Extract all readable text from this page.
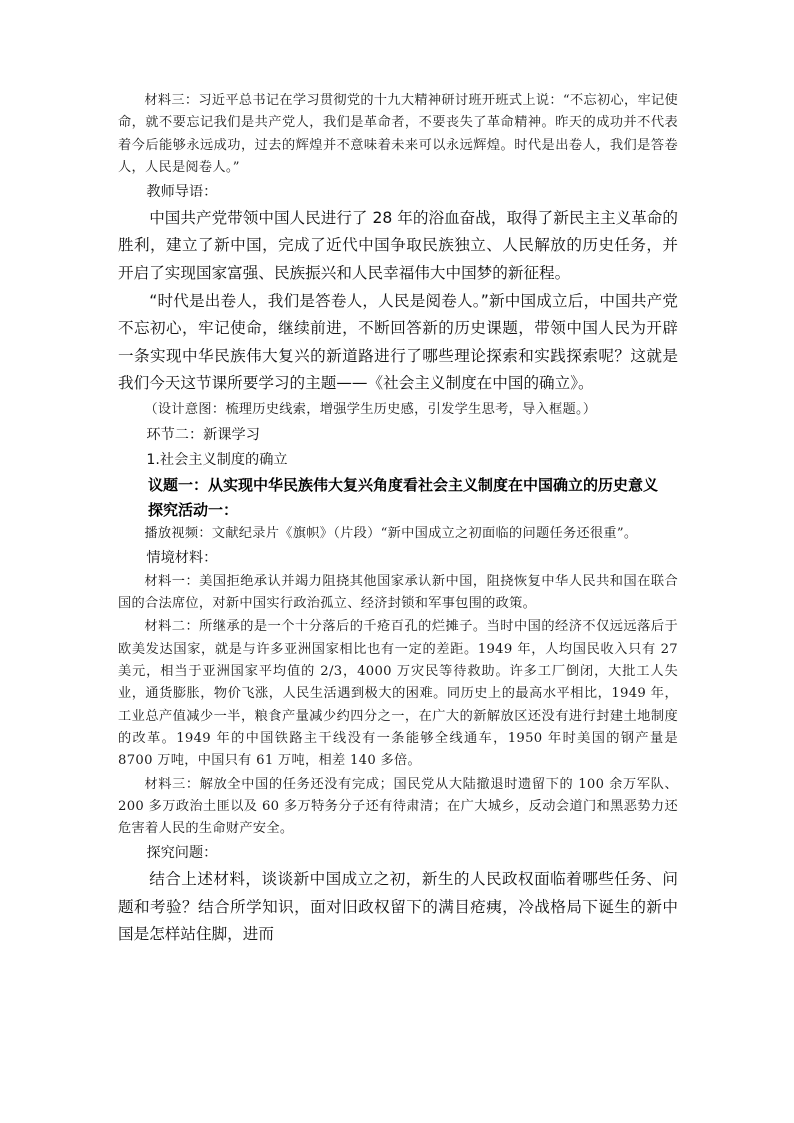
材料三：习近平总书记在学习贯彻党的十九大精神研讨班开班式上说：“不忘初心，牢记使命，就不要忘记我们是共产党人，我们是革命者，不要丧失了革命精神。昨天的成功并不代表着今后能够永远成功，过去的辉煌并不意味着未来可以永远辉煌。时代是出卷人，我们是答卷人，人民是阅卷人。”

教师导语：

中国共产党带领中国人民进行了 28 年的浴血奋战，取得了新民主主义革命的胜利，建立了新中国，完成了近代中国争取民族独立、人民解放的历史任务，并开启了实现国家富强、民族振兴和人民幸福伟大中国梦的新征程。

“时代是出卷人，我们是答卷人，人民是阅卷人。”新中国成立后，中国共产党不忘初心，牢记使命，继续前进，不断回答新的历史课题，带领中国人民为开辟一条实现中华民族伟大复兴的新道路进行了哪些理论探索和实践探索呢？这就是我们今天这节课所要学习的主题——《社会主义制度在中国的确立》。

（设计意图：梳理历史线索，增强学生历史感，引发学生思考，导入框题。）

环节二：新课学习

1.社会主义制度的确立

议题一：从实现中华民族伟大复兴角度看社会主义制度在中国确立的历史意义

探究活动一：

播放视频：文献纪录片《旗帜》（片段）“新中国成立之初面临的问题任务还很重”。

情境材料：

材料一：美国拒绝承认并竭力阻挠其他国家承认新中国，阻挠恢复中华人民共和国在联合国的合法席位，对新中国实行政治孤立、经济封锁和军事包围的政策。

材料二：所继承的是一个十分落后的千疮百孔的烂摊子。当时中国的经济不仅远远落后于欧美发达国家，就是与许多亚洲国家相比也有一定的差距。1949 年，人均国民收入只有 27 美元，相当于亚洲国家平均值的 2/3，4000 万灾民等待救助。许多工厂倒闭，大批工人失业，通货膨胀，物价飞涨，人民生活遇到极大的困难。同历史上的最高水平相比，1949 年，工业总产值减少一半，粮食产量减少约四分之一，在广大的新解放区还没有进行封建土地制度的改革。1949 年的中国铁路主干线没有一条能够全线通车，1950 年时美国的钢产量是 8700 万吨，中国只有 61 万吨，相差 140 多倍。

材料三：解放全中国的任务还没有完成；国民党从大陆撤退时遗留下的 100 余万军队、200 多万政治土匪以及 60 多万特务分子还有待肃清；在广大城乡，反动会道门和黑恶势力还危害着人民的生命财产安全。

探究问题：

结合上述材料，谈谈新中国成立之初，新生的人民政权面临着哪些任务、问题和考验？结合所学知识，面对旧政权留下的满目疮痍，冷战格局下诞生的新中国是怎样站住脚，进而
